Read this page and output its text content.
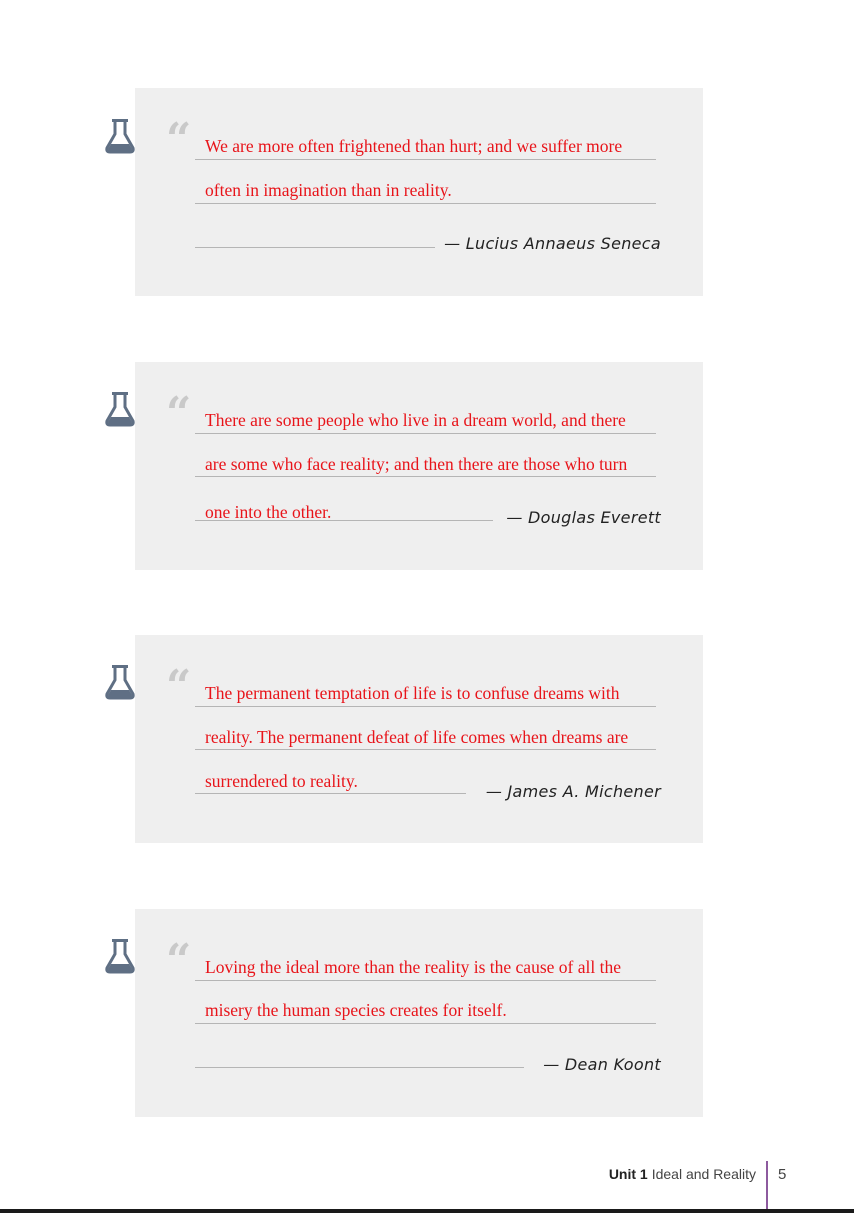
“ We are more often frightened than hurt; and we suffer more
often in imagination than in reality.
— Lucius Annaeus Seneca
“ There are some people who live in a dream world, and there
are some who face reality; and then there are those who turn
one into the other.	— Douglas Everett
“ The permanent temptation of life is to confuse dreams with
reality. The permanent defeat of life comes when dreams are
surrendered to reality.
— James A. Michener
“ Loving the ideal more than the reality is the cause of all the
misery the human species creates for itself.
— Dean Koont
Unit 1 Ideal and Reality 5
